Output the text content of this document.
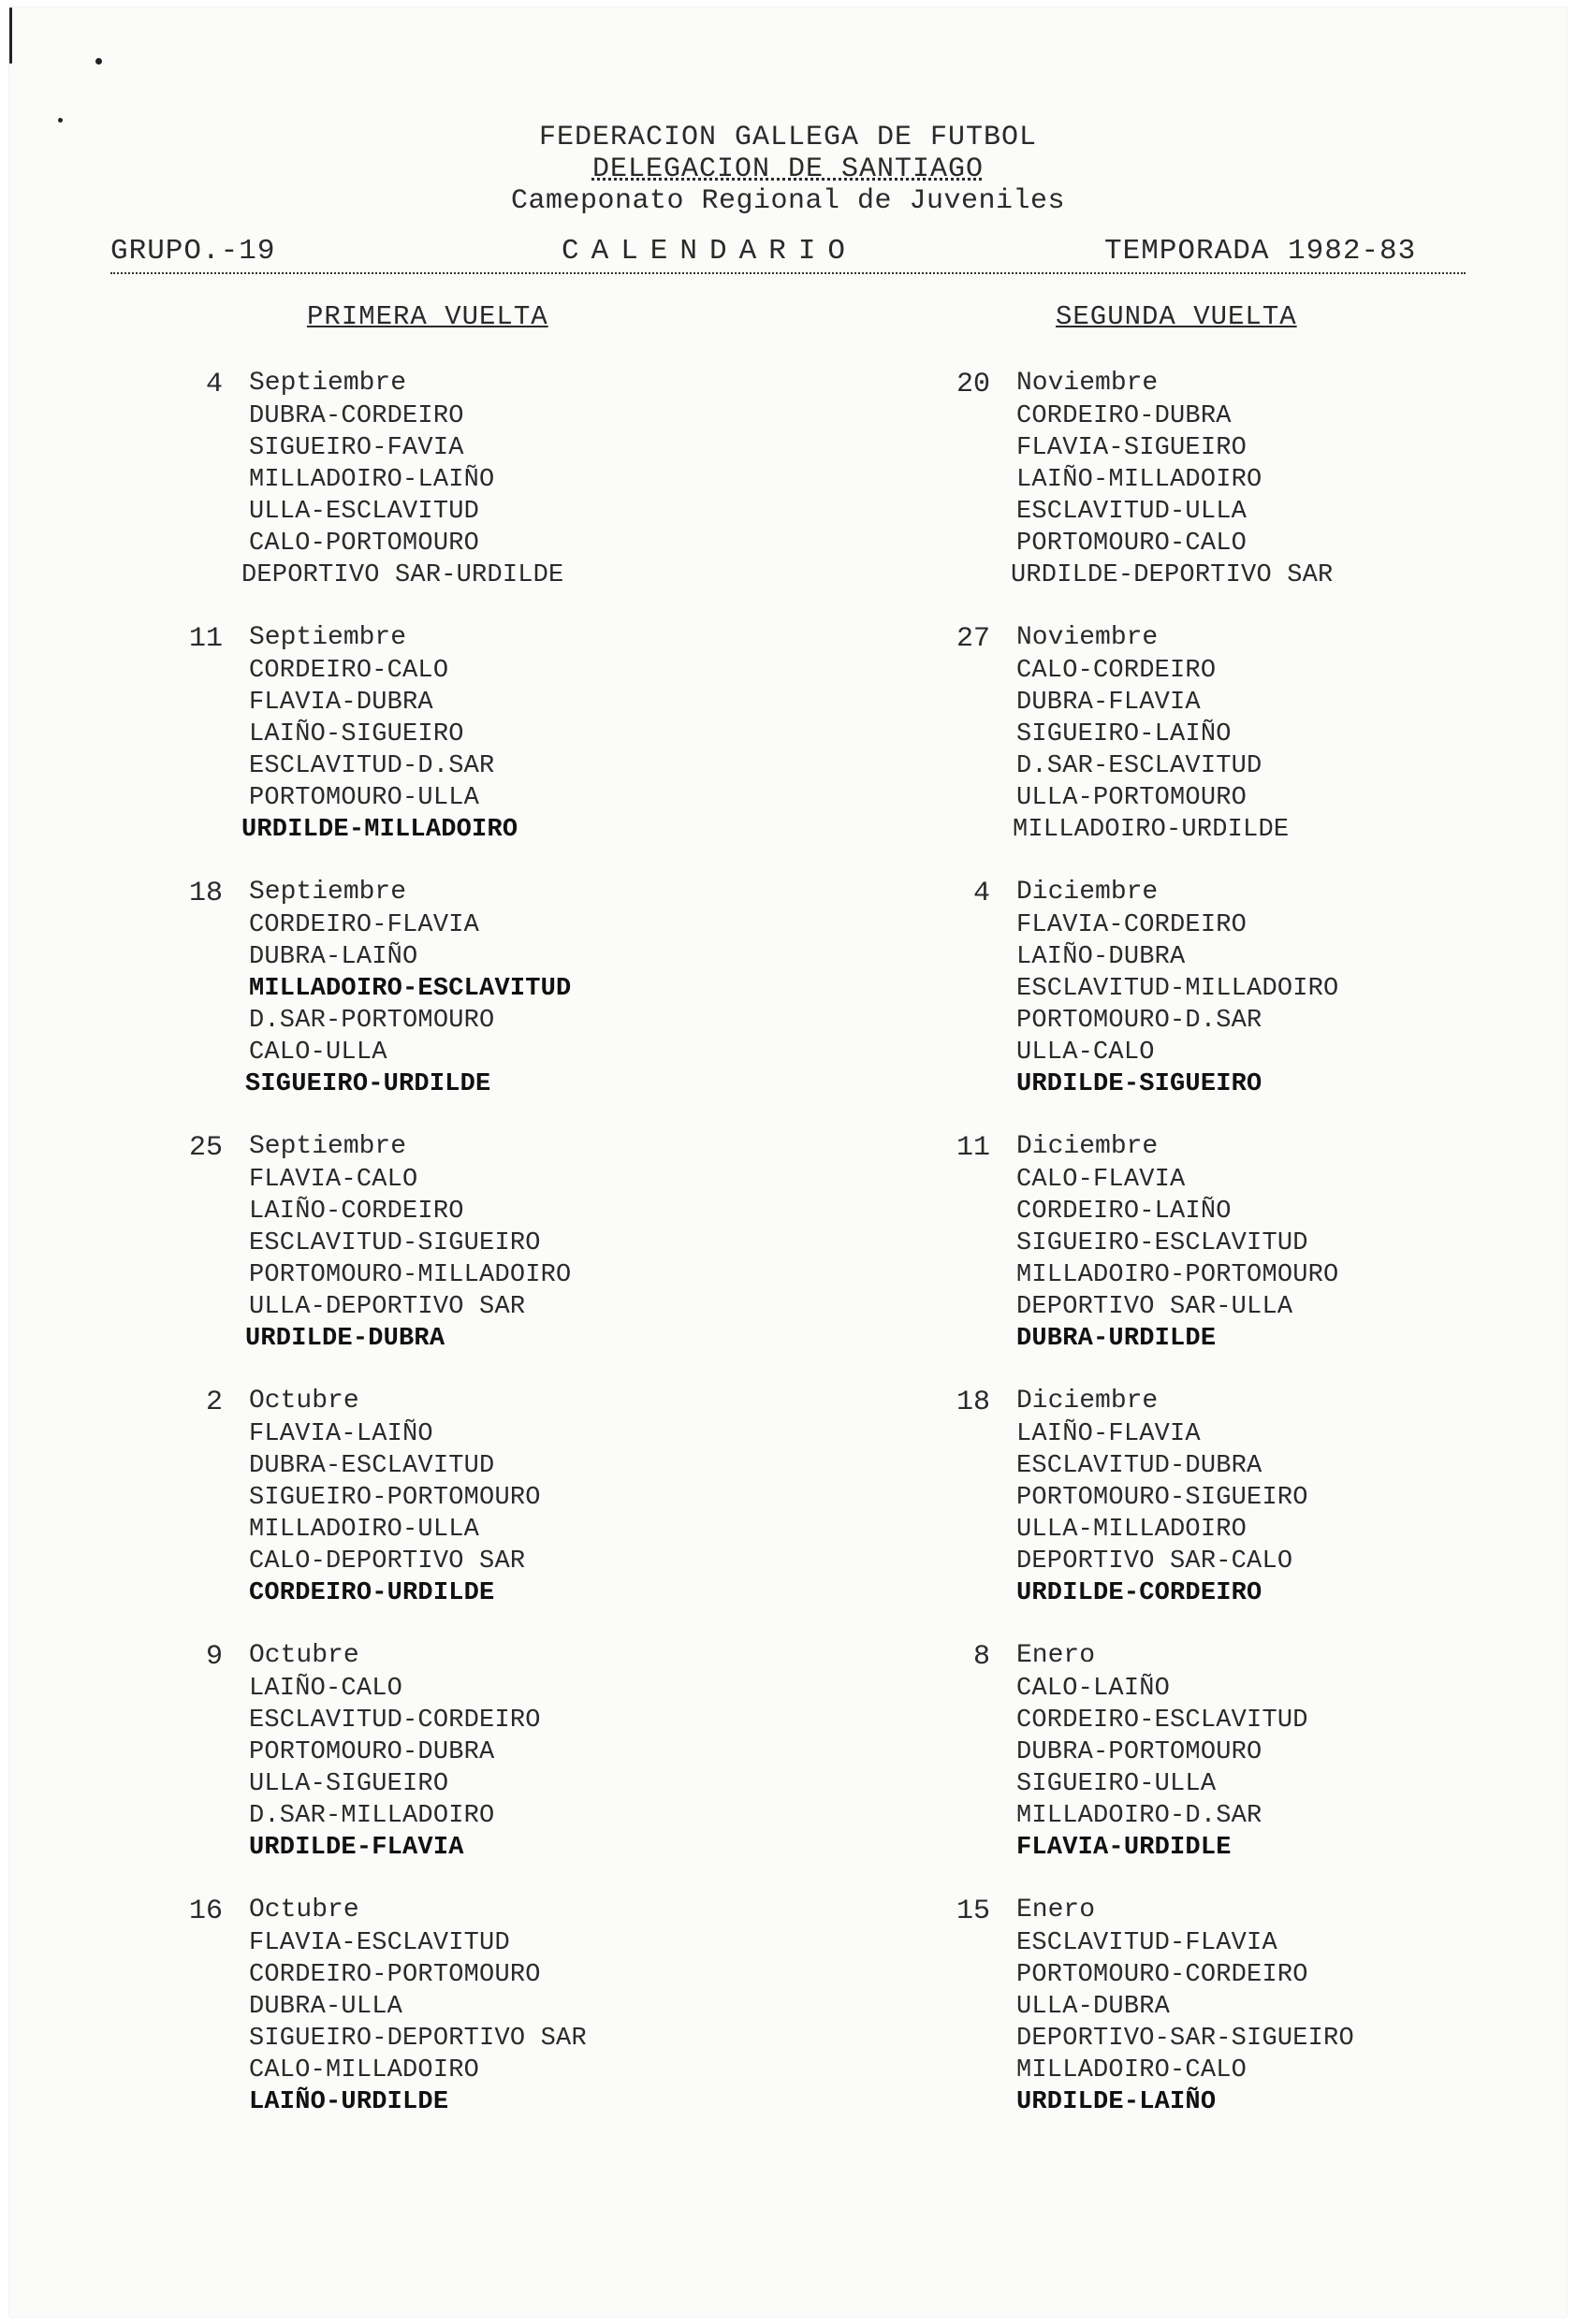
FEDERACION GALLEGA DE FUTBOL
DELEGACION DE SANTIAGO
Cameponato Regional de Juveniles
GRUPO.-19	CALENDARIO	TEMPORADA 1982-83
PRIMERA VUELTA	SEGUNDA VUELTA
4 Septiembre
DUBRA-CORDEIRO
SIGUEIRO-FAVIA
MILLADOIRO-LAIÑO
ULLA-ESCLAVITUD
CALO-PORTOMOURO
DEPORTIVO SAR-URDILDE
11 Septiembre
CORDEIRO-CALO
FLAVIA-DUBRA
LAIÑO-SIGUEIRO
ESCLAVITUD-D.SAR
PORTOMOURO-ULLA
URDILDE-MILLADOIRO
18 Septiembre
CORDEIRO-FLAVIA
DUBRA-LAIÑO
MILLADOIRO-ESCLAVITUD
D.SAR-PORTOMOURO
CALO-ULLA
SIGUEIRO-URDILDE
25 Septiembre
FLAVIA-CALO
LAIÑO-CORDEIRO
ESCLAVITUD-SIGUEIRO
PORTOMOURO-MILLADOIRO
ULLA-DEPORTIVO SAR
URDILDE-DUBRA
2 Octubre
FLAVIA-LAIÑO
DUBRA-ESCLAVITUD
SIGUEIRO-PORTOMOURO
MILLADOIRO-ULLA
CALO-DEPORTIVO SAR
CORDEIRO-URDILDE
9 Octubre
LAIÑO-CALO
ESCLAVITUD-CORDEIRO
PORTOMOURO-DUBRA
ULLA-SIGUEIRO
D.SAR-MILLADOIRO
URDILDE-FLAVIA
16 Octubre
FLAVIA-ESCLAVITUD
CORDEIRO-PORTOMOURO
DUBRA-ULLA
SIGUEIRO-DEPORTIVO SAR
CALO-MILLADOIRO
LAIÑO-URDILDE
20 Noviembre
CORDEIRO-DUBRA
FLAVIA-SIGUEIRO
LAIÑO-MILLADOIRO
ESCLAVITUD-ULLA
PORTOMOURO-CALO
URDILDE-DEPORTIVO SAR
27 Noviembre
CALO-CORDEIRO
DUBRA-FLAVIA
SIGUEIRO-LAIÑO
D.SAR-ESCLAVITUD
ULLA-PORTOMOURO
MILLADOIRO-URDILDE
4 Diciembre
FLAVIA-CORDEIRO
LAIÑO-DUBRA
ESCLAVITUD-MILLADOIRO
PORTOMOURO-D.SAR
ULLA-CALO
URDILDE-SIGUEIRO
11 Diciembre
CALO-FLAVIA
CORDEIRO-LAIÑO
SIGUEIRO-ESCLAVITUD
MILLADOIRO-PORTOMOURO
DEPORTIVO SAR-ULLA
DUBRA-URDILDE
18 Diciembre
LAIÑO-FLAVIA
ESCLAVITUD-DUBRA
PORTOMOURO-SIGUEIRO
ULLA-MILLADOIRO
DEPORTIVO SAR-CALO
URDILDE-CORDEIRO
8 Enero
CALO-LAIÑO
CORDEIRO-ESCLAVITUD
DUBRA-PORTOMOURO
SIGUEIRO-ULLA
MILLADOIRO-D.SAR
FLAVIA-URDIDLE
15 Enero
ESCLAVITUD-FLAVIA
PORTOMOURO-CORDEIRO
ULLA-DUBRA
DEPORTIVO-SAR-SIGUEIRO
MILLADOIRO-CALO
URDILDE-LAIÑO
